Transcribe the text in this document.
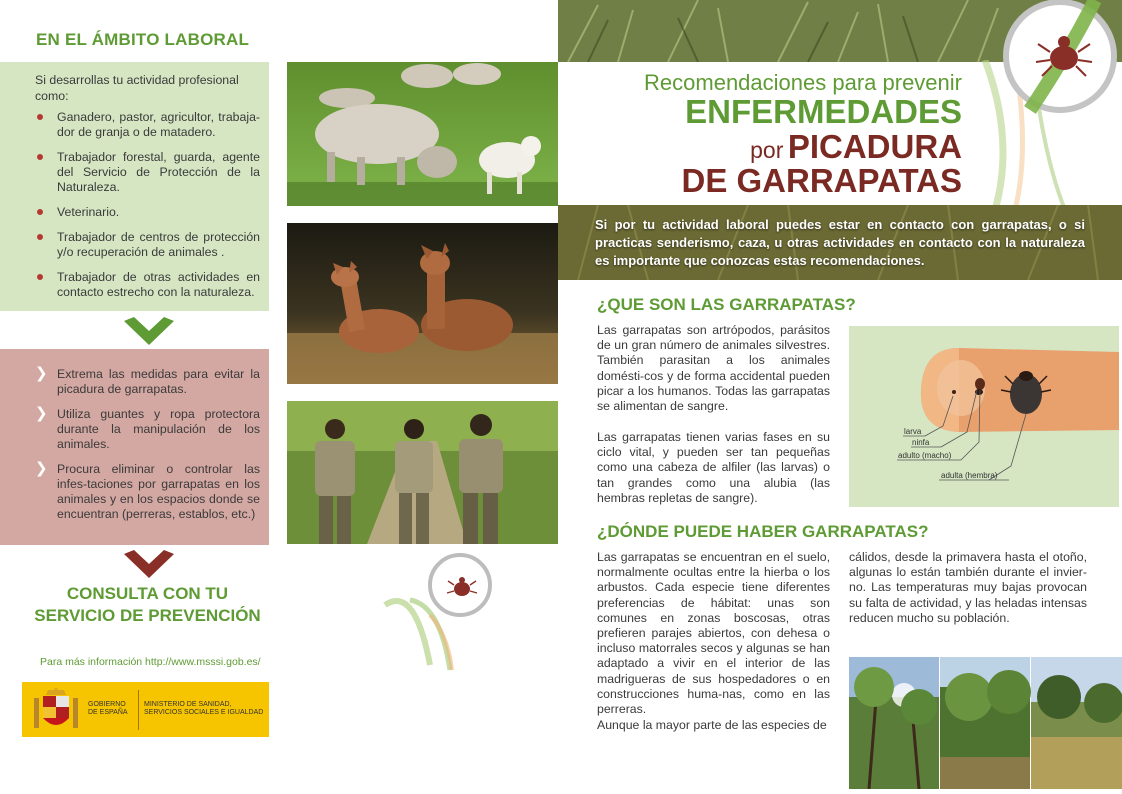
EN EL ÁMBITO LABORAL
Si desarrollas tu actividad profesional como:
Ganadero, pastor, agricultor, trabaja-dor de granja o de matadero.
Trabajador forestal, guarda, agente del Servicio de Protección de la Naturaleza.
Veterinario.
Trabajador de centros de protección y/o recuperación de animales .
Trabajador de otras actividades en contacto estrecho con la naturaleza.
❯ Extrema las medidas para evitar la picadura de garrapatas.
❯ Utiliza guantes y ropa protectora durante la manipulación de los animales.
❯ Procura eliminar o controlar las infes-taciones por garrapatas en los animales y en los espacios donde se encuentran (perreras, establos, etc.)
CONSULTA CON TU
SERVICIO DE PREVENCIÓN
Para más información http://www.msssi.gob.es/
GOBIERNO DE ESPAÑA
MINISTERIO DE SANIDAD, SERVICIOS SOCIALES E IGUALDAD
Recomendaciones para prevenir
ENFERMEDADES
por PICADURA
DE GARRAPATAS
Si por tu actividad laboral puedes estar en contacto con garrapatas, o si practicas senderismo, caza, u otras actividades en contacto con la naturaleza es importante que conozcas estas recomendaciones.
¿QUE SON LAS GARRAPATAS?
Las garrapatas son artrópodos, parásitos de un gran número de animales silvestres. También parasitan a los animales domésti-cos y de forma accidental pueden picar a los humanos. Todas las garrapatas se alimentan de sangre.
Las garrapatas tienen varias fases en su ciclo vital, y pueden ser tan pequeñas como una cabeza de alfiler (las larvas) o tan grandes como una alubia (las hembras repletas de sangre).
larva
ninfa
adulto (macho)
adulta (hembra)
¿DÓNDE PUEDE HABER GARRAPATAS?
Las garrapatas se encuentran en el suelo, normalmente ocultas entre la hierba o los arbustos. Cada especie tiene diferentes preferencias de hábitat: unas son comunes en zonas boscosas, otras prefieren parajes abiertos, con dehesa o incluso matorrales secos y algunas se han adaptado a vivir en el interior de las madrigueras de sus hospedadores o en construcciones huma-nas, como en las perreras.
Aunque la mayor parte de las especies de
cálidos, desde la primavera hasta el otoño, algunas lo están también durante el invier-no. Las temperaturas muy bajas provocan su falta de actividad, y las heladas intensas reducen mucho su población.
